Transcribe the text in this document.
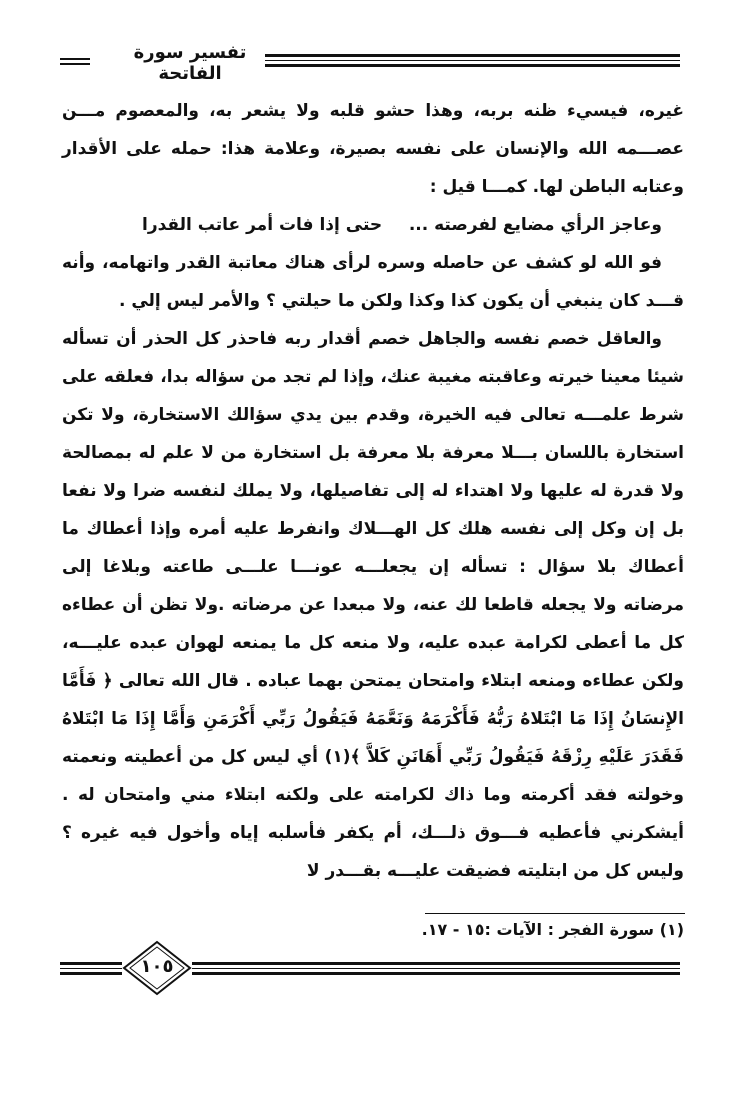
تفسير سورة الفاتحة

غيره، فيسيء ظنه بربه، وهذا حشو قلبه ولا يشعر به، والمعصوم مـــن عصـــمه الله والإنسان على نفسه بصيرة، وعلامة هذا: حمله على الأقدار وعتابه الباطن لها. كمـــا قيل :

وعاجز الرأي مضايع لفرصته ...
حتى إذا فات أمر عاتب القدرا

فو الله لو كشف عن حاصله وسره لرأى هناك معاتبة القدر واتهامه، وأنه قـــد كان ينبغي أن يكون كذا وكذا ولكن ما حيلتي ؟ والأمر ليس إلي .

والعاقل خصم نفسه والجاهل خصم أقدار ربه فاحذر كل الحذر أن تسأله شيئا معينا خيرته وعاقبته مغيبة عنك، وإذا لم تجد من سؤاله بدا، فعلقه على شرط علمـــه تعالى فيه الخيرة، وقدم بين يدي سؤالك الاستخارة، ولا تكن استخارة باللسان بـــلا معرفة بلا معرفة بل استخارة من لا علم له بمصالحة ولا قدرة له عليها ولا اهتداء له إلى تفاصيلها، ولا يملك لنفسه ضرا ولا نفعا بل إن وكل إلى نفسه هلك كل الهـــلاك وانفرط عليه أمره وإذا أعطاك ما أعطاك بلا سؤال : تسأله إن يجعلـــه عونـــا علـــى طاعته وبلاغا إلى مرضاته ولا يجعله قاطعا لك عنه، ولا مبعدا عن مرضاته .ولا تظن أن عطاءه كل ما أعطى لكرامة عبده عليه، ولا منعه كل ما يمنعه لهوان عبده عليـــه، ولكن عطاءه ومنعه ابتلاء وامتحان يمتحن بهما عباده . قال الله تعالى ﴿ فَأَمَّا الإِنسَانُ إِذَا مَا ابْتَلاهُ رَبُّهُ فَأَكْرَمَهُ وَنَعَّمَهُ فَيَقُولُ رَبِّي أَكْرَمَنِ وَأَمَّا إِذَا مَا ابْتَلاهُ فَقَدَرَ عَلَيْهِ رِزْقَهُ فَيَقُولُ رَبِّي أَهَانَنِ كَلاَّ ﴾(١) أي ليس كل من أعطيته ونعمته وخولته فقد أكرمته وما ذاك لكرامته على ولكنه ابتلاء مني وامتحان له . أيشكرني فأعطيه فـــوق ذلـــك، أم يكفر فأسلبه إياه وأخول فيه غيره ؟ وليس كل من ابتليته فضيقت عليـــه بقـــدر لا

(١) سورة الفجر : الآيات :١٥ - ١٧.
١٠٥
